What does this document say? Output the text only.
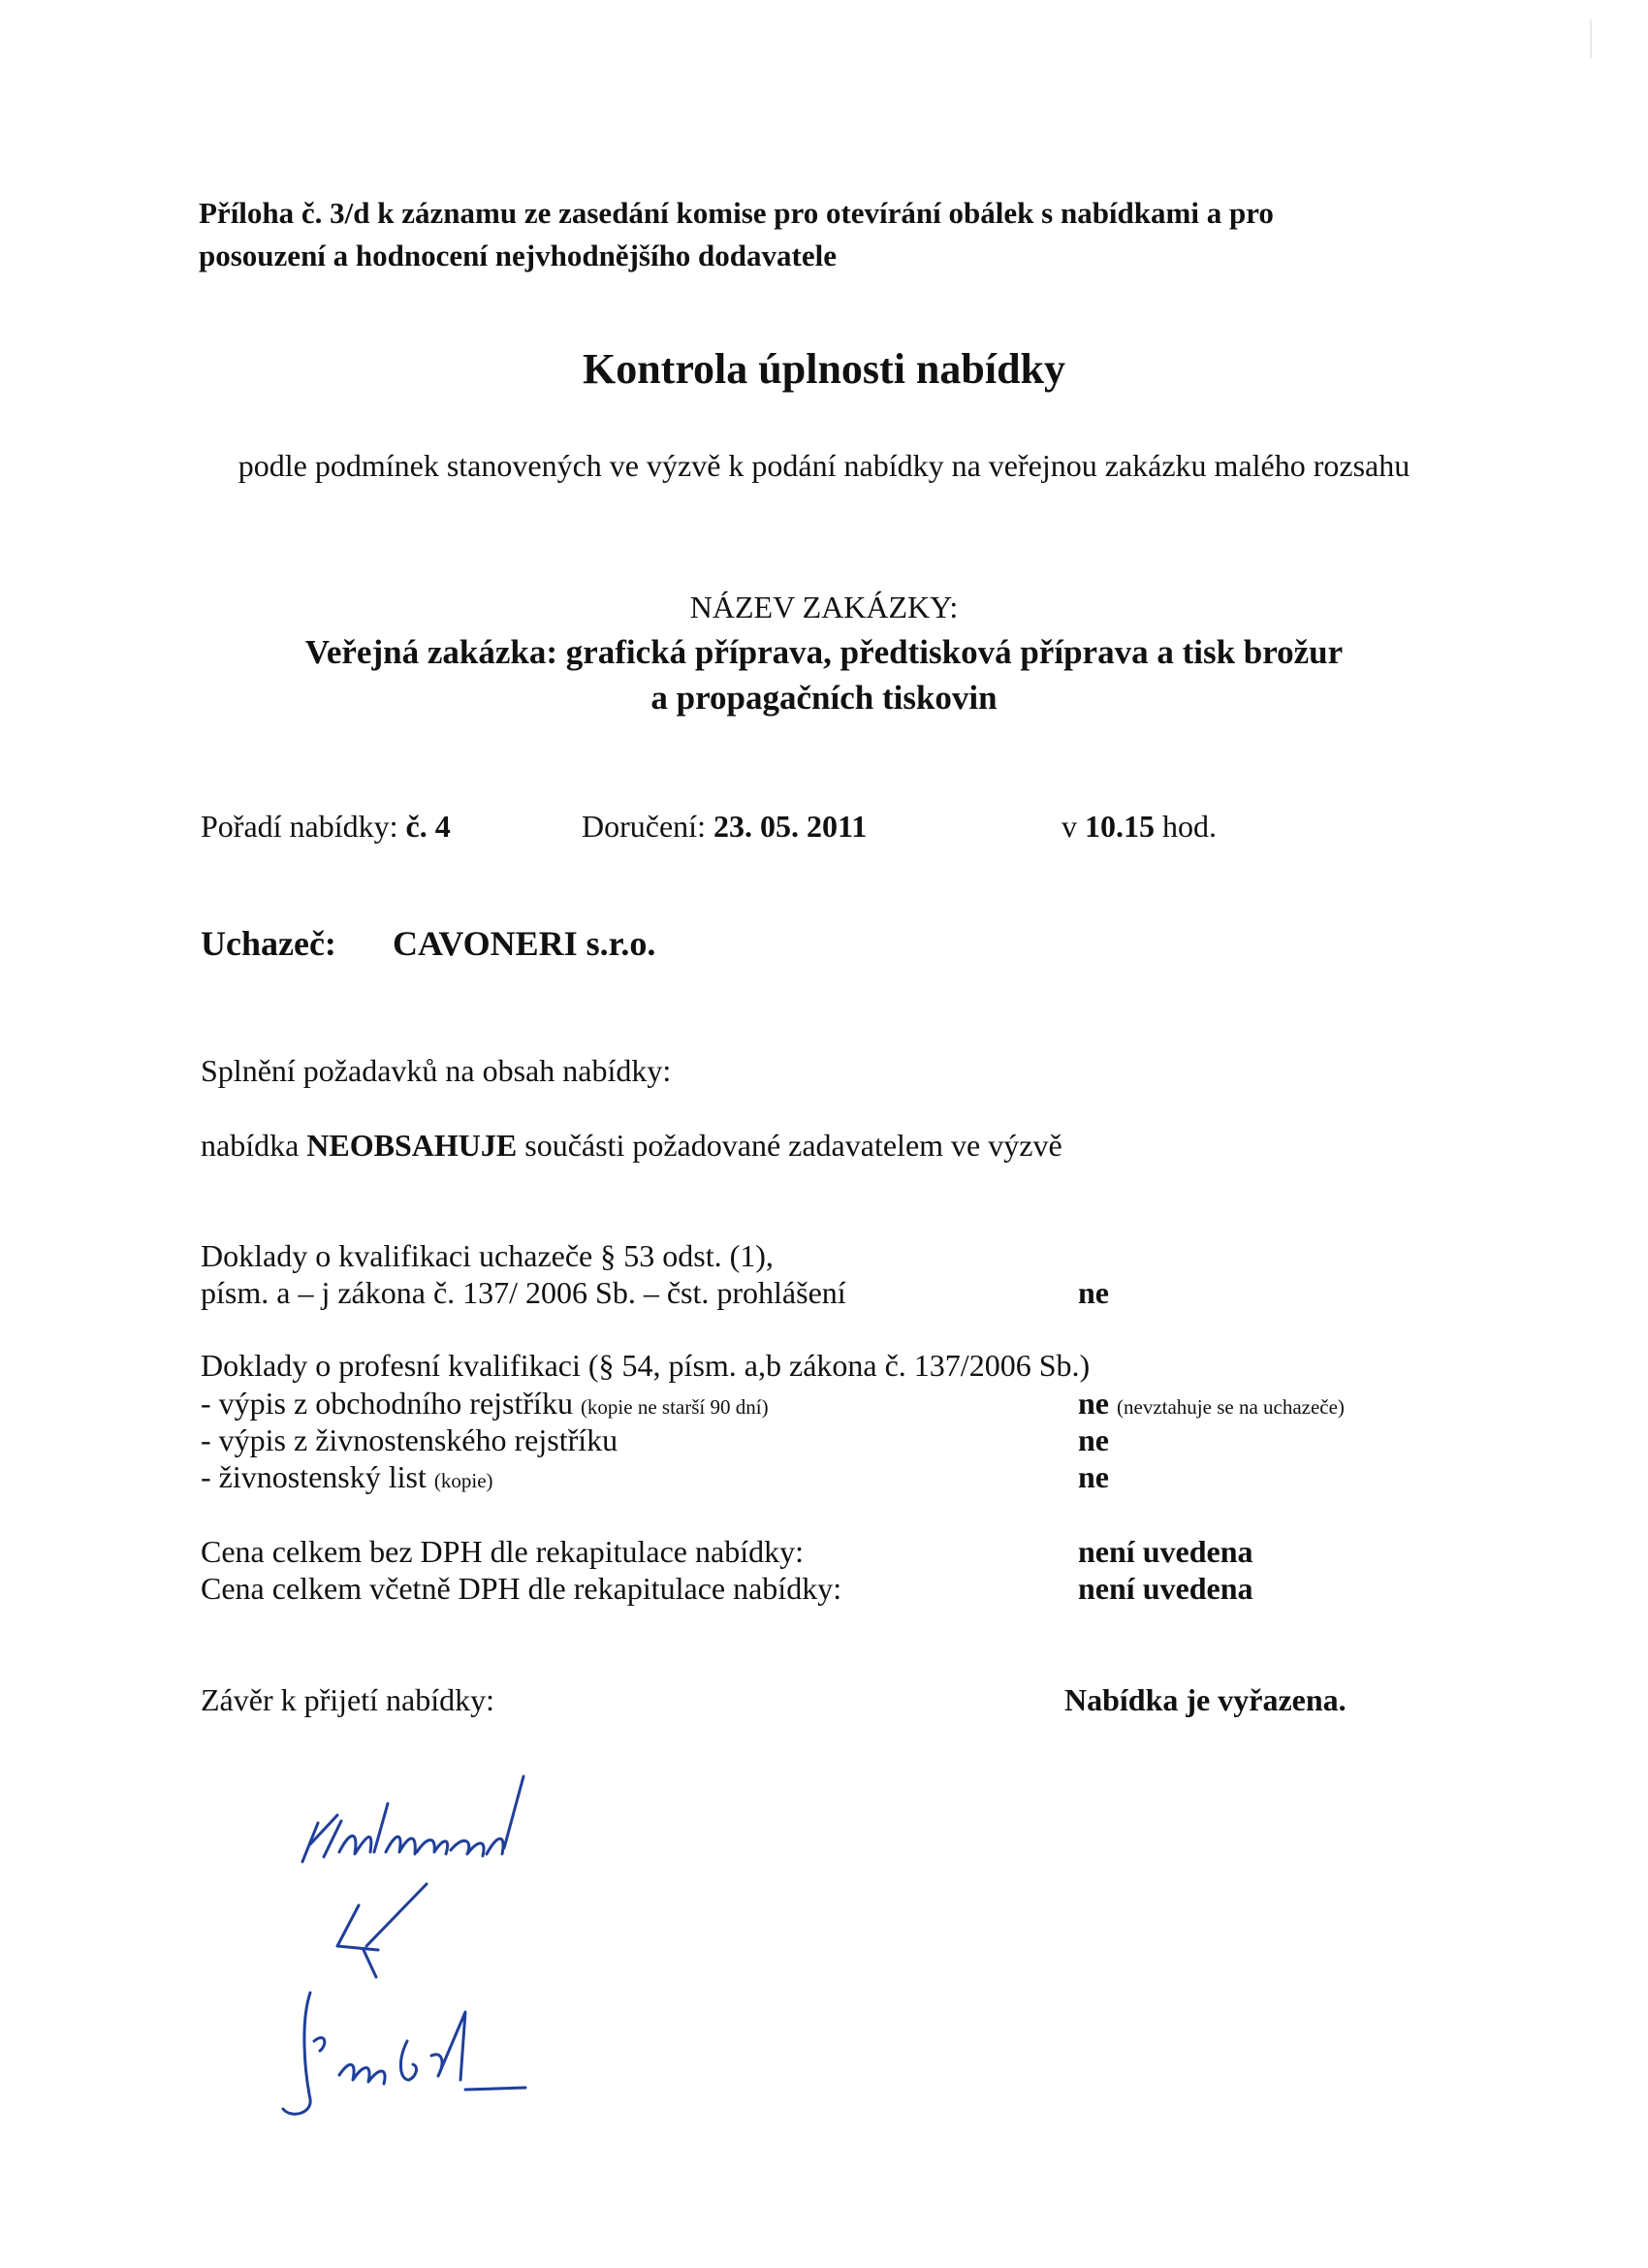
Příloha č. 3/d k záznamu ze zasedání komise pro otevírání obálek s nabídkami a pro
posouzení a hodnocení nejvhodnějšího dodavatele
Kontrola úplnosti nabídky
podle podmínek stanovených ve výzvě k podání nabídky na veřejnou zakázku malého rozsahu
NÁZEV ZAKÁZKY:
Veřejná zakázka: grafická příprava, předtisková příprava a tisk brožur
a propagačních tiskovin
Pořadí nabídky: č. 4	Doručení: 23. 05. 2011	v 10.15 hod.
Uchazeč: CAVONERI s.r.o.
Splnění požadavků na obsah nabídky:
nabídka NEOBSAHUJE součásti požadované zadavatelem ve výzvě
Doklady o kvalifikaci uchazeče § 53 odst. (1),
písm. a – j zákona č. 137/ 2006 Sb. – čst. prohlášení	ne
Doklady o profesní kvalifikaci (§ 54, písm. a,b zákona č. 137/2006 Sb.)
- výpis z obchodního rejstříku (kopie ne starší 90 dní)	ne (nevztahuje se na uchazeče)
- výpis z živnostenského rejstříku	ne
- živnostenský list (kopie)	ne
Cena celkem bez DPH dle rekapitulace nabídky:	není uvedena
Cena celkem včetně DPH dle rekapitulace nabídky:	není uvedena
Závěr k přijetí nabídky:	Nabídka je vyřazena.
